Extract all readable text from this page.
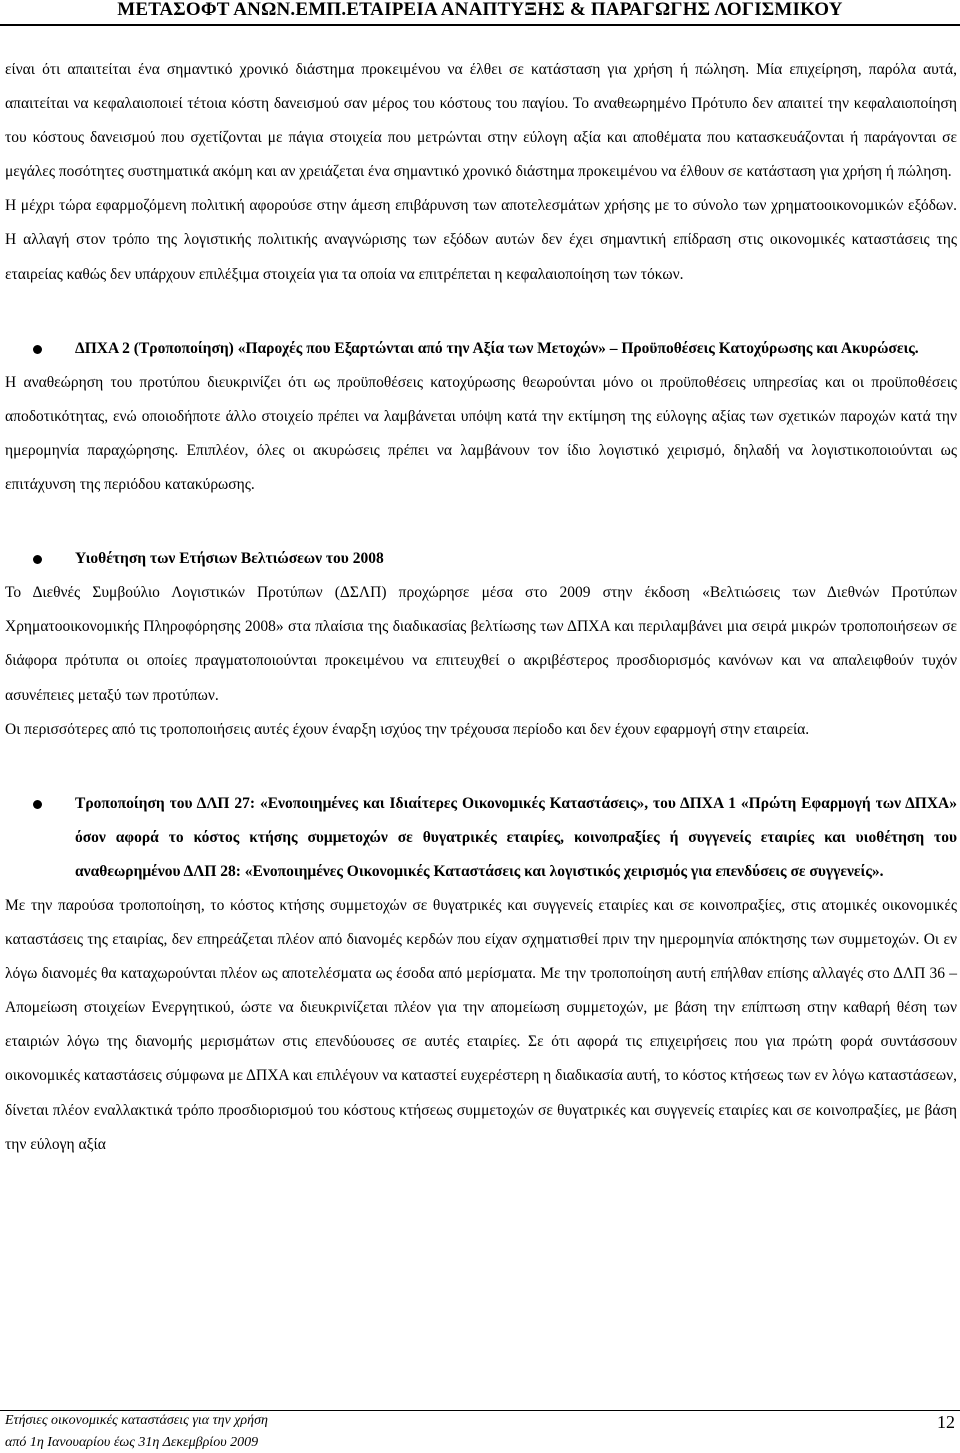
ΜΕΤΑΣΟΦΤ ΑΝΩΝ.ΕΜΠ.ΕΤΑΙΡΕΙΑ ΑΝΑΠΤΥΞΗΣ & ΠΑΡΑΓΩΓΗΣ ΛΟΓΙΣΜΙΚΟΥ

είναι ότι απαιτείται ένα σημαντικό χρονικό διάστημα προκειμένου να έλθει σε κατάσταση για χρήση ή πώληση. Μία επιχείρηση, παρόλα αυτά, απαιτείται να κεφαλαιοποιεί τέτοια κόστη δανεισμού σαν μέρος του κόστους του παγίου. Το αναθεωρημένο Πρότυπο δεν απαιτεί την κεφαλαιοποίηση του κόστους δανεισμού που σχετίζονται με πάγια στοιχεία που μετρώνται στην εύλογη αξία και αποθέματα που κατασκευάζονται ή παράγονται σε μεγάλες ποσότητες συστηματικά ακόμη και αν χρειάζεται ένα σημαντικό χρονικό διάστημα προκειμένου να έλθουν σε κατάσταση για χρήση ή πώληση.

Η μέχρι τώρα εφαρμοζόμενη πολιτική αφορούσε στην άμεση επιβάρυνση των αποτελεσμάτων χρήσης με το σύνολο των χρηματοοικονομικών εξόδων. Η αλλαγή στον τρόπο της λογιστικής πολιτικής αναγνώρισης των εξόδων αυτών δεν έχει σημαντική επίδραση στις οικονομικές καταστάσεις της εταιρείας καθώς δεν υπάρχουν επιλέξιμα στοιχεία για τα οποία να επιτρέπεται η κεφαλαιοποίηση των τόκων.

ΔΠΧΑ 2 (Τροποποίηση) «Παροχές που Εξαρτώνται από την Αξία των Μετοχών» – Προϋποθέσεις Κατοχύρωσης και Ακυρώσεις.

Η αναθεώρηση του προτύπου διευκρινίζει ότι ως προϋποθέσεις κατοχύρωσης θεωρούνται μόνο οι προϋποθέσεις υπηρεσίας και οι προϋποθέσεις αποδοτικότητας, ενώ οποιοδήποτε άλλο στοιχείο πρέπει να λαμβάνεται υπόψη κατά την εκτίμηση της εύλογης αξίας των σχετικών παροχών κατά την ημερομηνία παραχώρησης. Επιπλέον, όλες οι ακυρώσεις πρέπει να λαμβάνουν τον ίδιο λογιστικό χειρισμό, δηλαδή να λογιστικοποιούνται ως επιτάχυνση της περιόδου κατακύρωσης.

Υιοθέτηση των Ετήσιων Βελτιώσεων του 2008

Το Διεθνές Συμβούλιο Λογιστικών Προτύπων (ΔΣΛΠ) προχώρησε μέσα στο 2009 στην έκδοση «Βελτιώσεις των Διεθνών Προτύπων Χρηματοοικονομικής Πληροφόρησης 2008» στα πλαίσια της διαδικασίας βελτίωσης των ΔΠΧΑ και περιλαμβάνει μια σειρά μικρών τροποποιήσεων σε διάφορα πρότυπα οι οποίες πραγματοποιούνται προκειμένου να επιτευχθεί ο ακριβέστερος προσδιορισμός κανόνων και να απαλειφθούν τυχόν ασυνέπειες μεταξύ των προτύπων.

Οι περισσότερες από τις τροποποιήσεις αυτές έχουν έναρξη ισχύος την τρέχουσα περίοδο και δεν έχουν εφαρμογή στην εταιρεία.

Τροποποίηση του ΔΛΠ 27: «Ενοποιημένες και Ιδιαίτερες Οικονομικές Καταστάσεις», του ΔΠΧΑ 1 «Πρώτη Εφαρμογή των ΔΠΧΑ» όσον αφορά το κόστος κτήσης συμμετοχών σε θυγατρικές εταιρίες, κοινοπραξίες ή συγγενείς εταιρίες και υιοθέτηση του αναθεωρημένου ΔΛΠ 28: «Ενοποιημένες Οικονομικές Καταστάσεις και λογιστικός χειρισμός για επενδύσεις σε συγγενείς».

Με την παρούσα τροποποίηση, το κόστος κτήσης συμμετοχών σε θυγατρικές και συγγενείς εταιρίες και σε κοινοπραξίες, στις ατομικές οικονομικές καταστάσεις της εταιρίας, δεν επηρεάζεται πλέον από διανομές κερδών που είχαν σχηματισθεί πριν την ημερομηνία απόκτησης των συμμετοχών. Οι εν λόγω διανομές θα καταχωρούνται πλέον ως αποτελέσματα ως έσοδα από μερίσματα. Με την τροποποίηση αυτή επήλθαν επίσης αλλαγές στο ΔΛΠ 36 – Απομείωση στοιχείων Ενεργητικού, ώστε να διευκρινίζεται πλέον για την απομείωση συμμετοχών, με βάση την επίπτωση στην καθαρή θέση των εταιριών λόγω της διανομής μερισμάτων στις επενδύουσες σε αυτές εταιρίες. Σε ότι αφορά τις επιχειρήσεις που για πρώτη φορά συντάσσουν οικονομικές καταστάσεις σύμφωνα με ΔΠΧΑ και επιλέγουν να καταστεί ευχερέστερη η διαδικασία αυτή, το κόστος κτήσεως των εν λόγω καταστάσεων, δίνεται πλέον εναλλακτικά τρόπο προσδιορισμού του κόστους κτήσεως συμμετοχών σε θυγατρικές και συγγενείς εταιρίες και σε κοινοπραξίες, με βάση την εύλογη αξία

Ετήσιες οικονομικές καταστάσεις για την χρήση
από 1η Ιανουαρίου έως 31η Δεκεμβρίου 2009
12
